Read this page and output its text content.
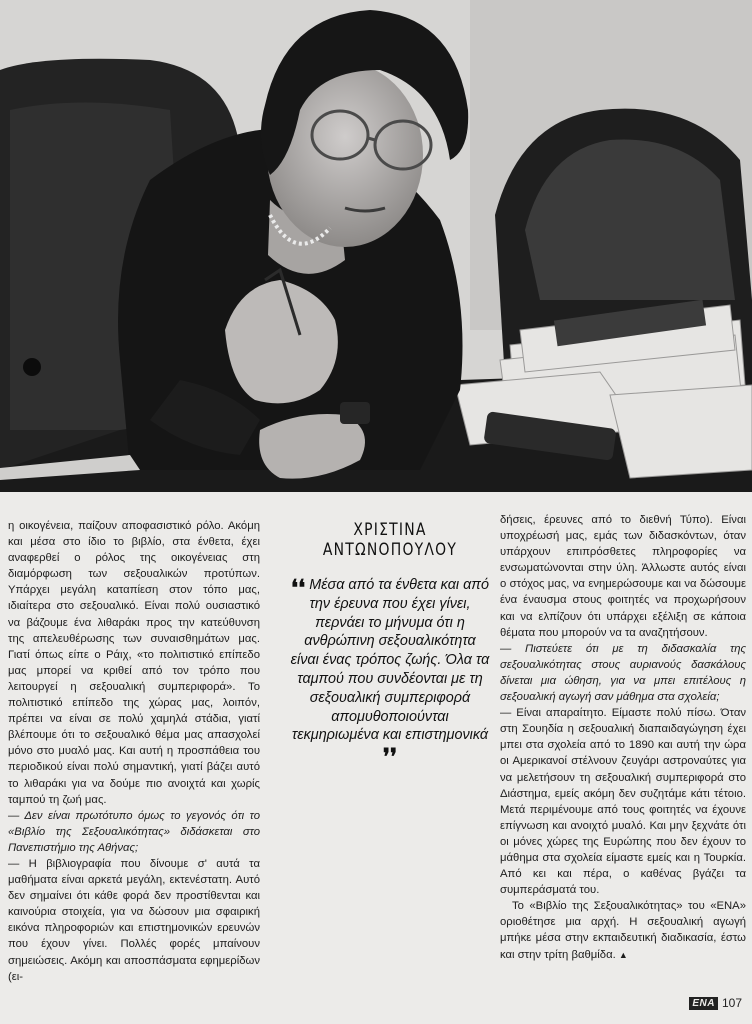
η οικογένεια, παίζουν αποφασιστικό ρόλο. Ακόμη και μέσα στο ίδιο το βιβλίο, στα ένθετα, έχει αναφερθεί ο ρόλος της οικογένειας στη διαμόρφωση των σεξουαλικών προτύπων. Υπάρχει μεγάλη καταπίεση στον τόπο μας, ιδιαίτερα στο σεξουαλικό. Είναι πολύ ουσιαστικό να βάζουμε ένα λιθαράκι προς την κατεύθυνση της απελευθέρωσης των συναισθημάτων μας. Γιατί όπως είπε ο Ράιχ, «το πολιτιστικό επίπεδο μας μπορεί να κριθεί από τον τρόπο που λειτουργεί η σεξουαλική συμπεριφορά». Το πολιτιστικό επίπεδο της χώρας μας, λοιπόν, πρέπει να είναι σε πολύ χαμηλά στάδια, γιατί βλέπουμε ότι το σεξουαλικό θέμα μας απασχολεί μόνο στο μυαλό μας. Και αυτή η προσπάθεια του περιοδικού είναι πολύ σημαντική, γιατί βάζει αυτό το λιθαράκι για να δούμε πιο ανοιχτά και χωρίς ταμπού τη ζωή μας.

— Δεν είναι πρωτότυπο όμως το γεγονός ότι το «Βιβλίο της Σεξουαλικότητας» διδάσκεται στο Πανεπιστήμιο της Αθήνας;

— Η βιβλιογραφία που δίνουμε σ' αυτά τα μαθήματα είναι αρκετά μεγάλη, εκτενέστατη. Αυτό δεν σημαίνει ότι κάθε φορά δεν προστίθενται και καινούρια στοιχεία, για να δώσουν μια σφαιρική εικόνα πληροφοριών και επιστημονικών ερευνών που έχουν γίνει. Πολλές φορές μπαίνουν σημειώσεις. Ακόμη και αποσπάσματα εφημερίδων (ει-

ΧΡΙΣΤΙΝΑ
ΑΝΤΩΝΟΠΟΥΛΟΥ
❛❛ Μέσα από τα ένθετα και από την έρευνα που έχει γίνει, περνάει το μήνυμα ότι η ανθρώπινη σεξουαλικότητα είναι ένας τρόπος ζωής. Όλα τα ταμπού που συνδέονται με τη σεξουαλική συμπεριφορά απομυθοποιούνται τεκμηριωμένα και επιστημονικά ❜❜

δήσεις, έρευνες από το διεθνή Τύπο). Είναι υποχρέωσή μας, εμάς των διδασκόντων, όταν υπάρχουν επιπρόσθετες πληροφορίες να ενσωματώνονται στην ύλη. Άλλωστε αυτός είναι ο στόχος μας, να ενημερώσουμε και να δώσουμε ένα έναυσμα στους φοιτητές να προχωρήσουν και να ελπίζουν ότι υπάρχει εξέλιξη σε κάποια θέματα που μπορούν να τα αναζητήσουν.

— Πιστεύετε ότι με τη διδασκαλία της σεξουαλικότητας στους αυριανούς δασκάλους δίνεται μια ώθηση, για να μπει επιτέλους η σεξουαλική αγωγή σαν μάθημα στα σχολεία;

— Είναι απαραίτητο. Είμαστε πολύ πίσω. Όταν στη Σουηδία η σεξουαλική διαπαιδαγώγηση έχει μπει στα σχολεία από το 1890 και αυτή την ώρα οι Αμερικανοί στέλνουν ζευγάρι αστροναύτες για να μελετήσουν τη σεξουαλική συμπεριφορά στο Διάστημα, εμείς ακόμη δεν συζητάμε κάτι τέτοιο. Μετά περιμένουμε από τους φοιτητές να έχουνε επίγνωση και ανοιχτό μυαλό. Και μην ξεχνάτε ότι οι μόνες χώρες της Ευρώπης που δεν έχουν το μάθημα στα σχολεία είμαστε εμείς και η Τουρκία. Από κει και πέρα, ο καθένας βγάζει τα συμπεράσματά του.

Το «Βιβλίο της Σεξουαλικότητας» του «ΕΝΑ» οριοθέτησε μια αρχή. Η σεξουαλική αγωγή μπήκε μέσα στην εκπαιδευτική διαδικασία, έστω και στην τρίτη βαθμίδα. ▲

ΕΝΑ 107
